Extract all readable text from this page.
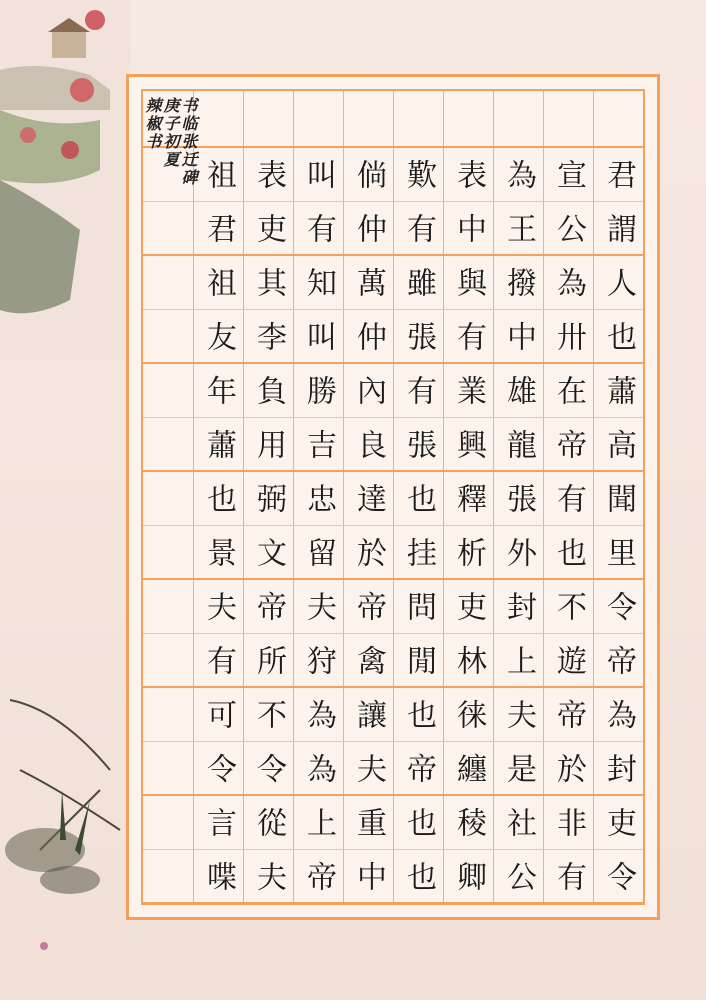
君
謂
宣
公
為
王
表
中
歎
有
倘
仲
叫
有
表
吏
祖
君
人
也
為
卅
撥
中
與
有
雖
張
萬
仲
知
叫
其
李
祖
友
蕭
高
在
帝
雄
龍
業
興
有
張
內
良
勝
吉
負
用
年
蕭
聞
里
有
也
張
外
釋
析
也
挂
達
於
忠
留
弼
文
也
景
令
帝
不
遊
封
上
吏
林
問
閒
帝
禽
夫
狩
帝
所
夫
有
為
封
帝
於
夫
是
徕
纏
也
帝
讓
夫
為
為
不
令
可
令
吏
令
非
有
社
公
稜
卿
也
也
重
中
上
帝
從
夫
言
喋
书临张迁碑
庚子初夏
辣椒书
